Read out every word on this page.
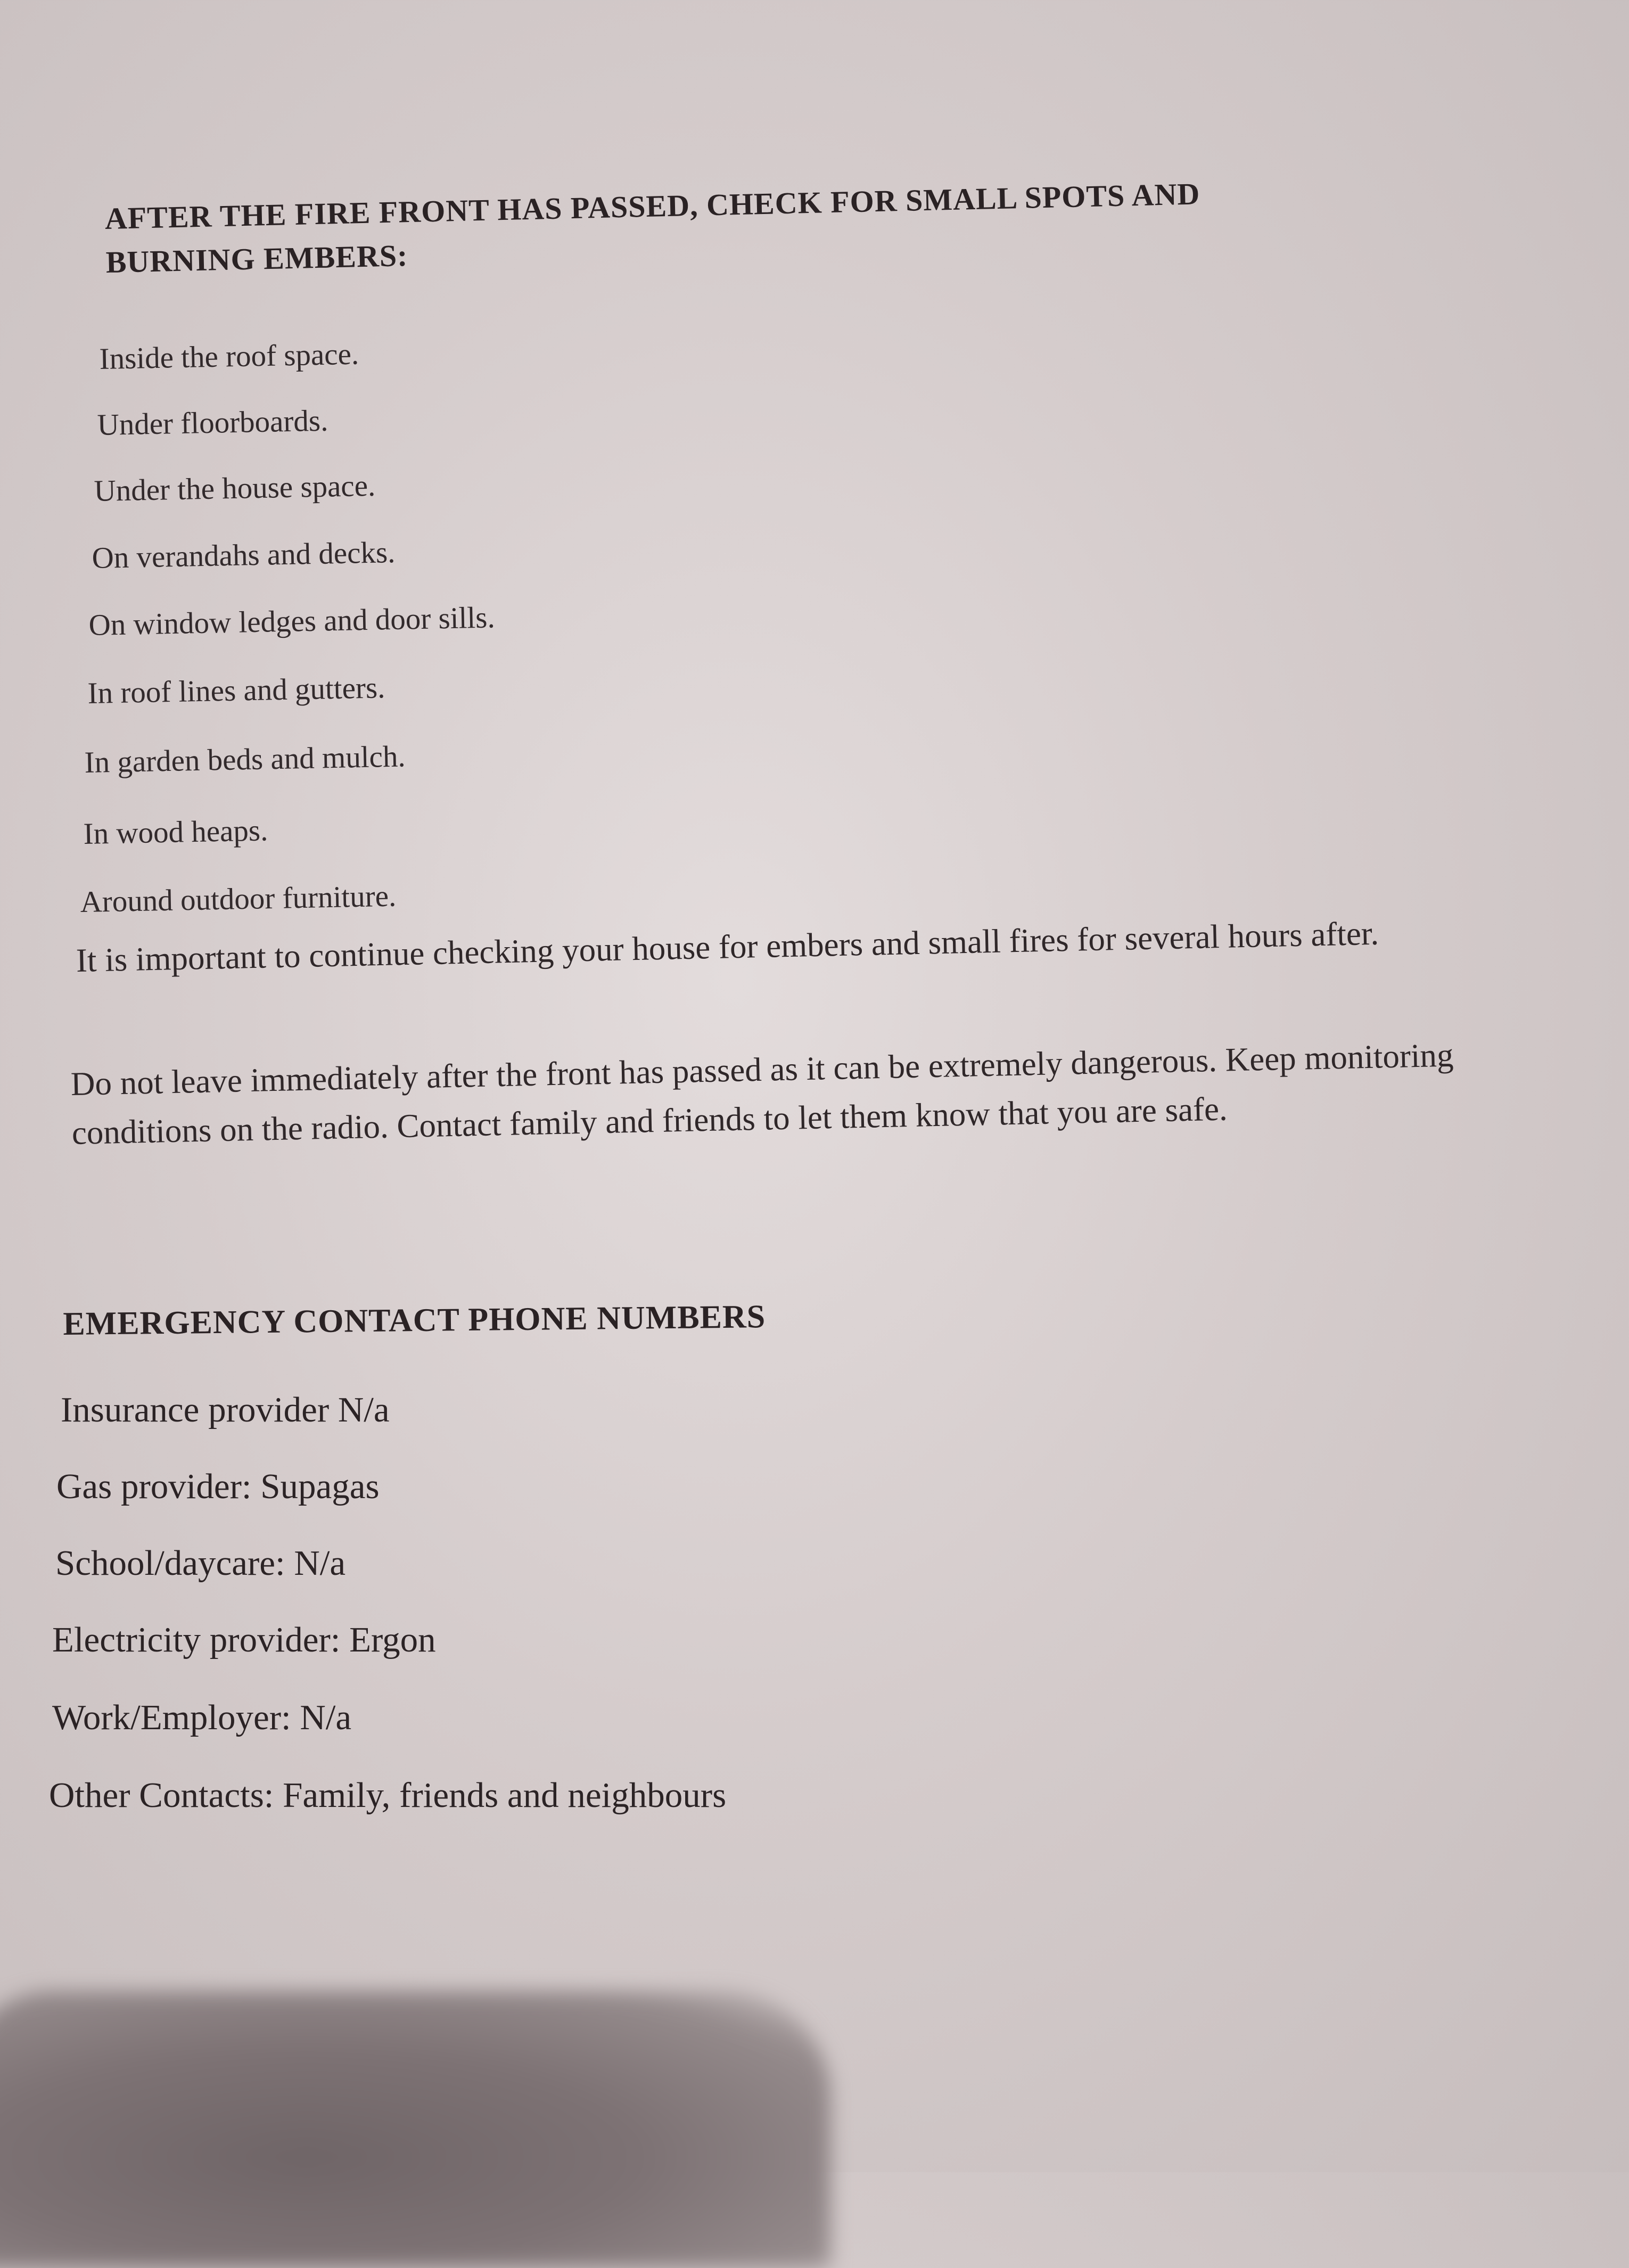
AFTER THE FIRE FRONT HAS PASSED, CHECK FOR SMALL SPOTS AND
BURNING EMBERS:
Inside the roof space.
Under floorboards.
Under the house space.
On verandahs and decks.
On window ledges and door sills.
In roof lines and gutters.
In garden beds and mulch.
In wood heaps.
Around outdoor furniture.
It is important to continue checking your house for embers and small fires for several hours after.
Do not leave immediately after the front has passed as it can be extremely dangerous. Keep monitoring conditions on the radio. Contact family and friends to let them know that you are safe.
EMERGENCY CONTACT PHONE NUMBERS
Insurance provider N/a
Gas provider: Supagas
School/daycare: N/a
Electricity provider: Ergon
Work/Employer: N/a
Other Contacts: Family, friends and neighbours
